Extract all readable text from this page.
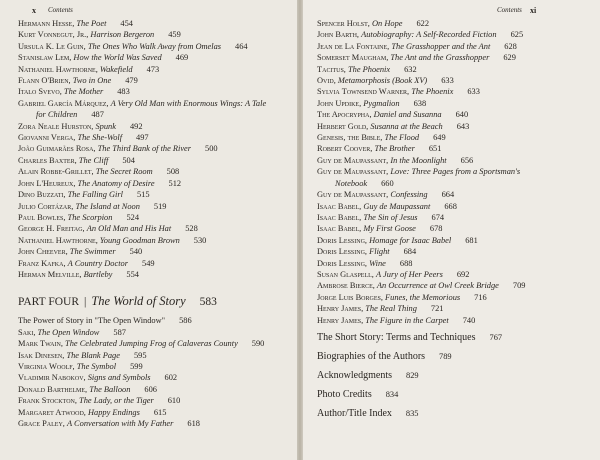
x Contents
Hermann Hesse, The Poet 454
Kurt Vonnegut, Jr., Harrison Bergeron 459
Ursula K. Le Guin, The Ones Who Walk Away from Omelas 464
Stanislaw Lem, How the World Was Saved 469
Nathaniel Hawthorne, Wakefield 473
Flann O'Brien, Two in One 479
Italo Svevo, The Mother 483
Gabriel García Márquez, A Very Old Man with Enormous Wings: A Tale
for Children 487
Zora Neale Hurston, Spunk 492
Giovanni Verga, The She-Wolf 497
João Guimarães Rosa, The Third Bank of the River 500
Charles Baxter, The Cliff 504
Alain Robbe-Grillet, The Secret Room 508
John L'Heureux, The Anatomy of Desire 512
Dino Buzzati, The Falling Girl 515
Julio Cortázar, The Island at Noon 519
Paul Bowles, The Scorpion 524
George H. Freitag, An Old Man and His Hat 528
Nathaniel Hawthorne, Young Goodman Brown 530
John Cheever, The Swimmer 540
Franz Kafka, A Country Doctor 549
Herman Melville, Bartleby 554
PART FOUR | The World of Story 583
The Power of Story in "The Open Window" 586
Saki, The Open Window 587
Mark Twain, The Celebrated Jumping Frog of Calaveras County 590
Isak Dinesen, The Blank Page 595
Virginia Woolf, The Symbol 599
Vladimir Nabokov, Signs and Symbols 602
Donald Barthelme, The Balloon 606
Frank Stockton, The Lady, or the Tiger 610
Margaret Atwood, Happy Endings 615
Grace Paley, A Conversation with My Father 618
Contents xi
Spencer Holst, On Hope 622
John Barth, Autobiography: A Self-Recorded Fiction 625
Jean de La Fontaine, The Grasshopper and the Ant 628
Somerset Maugham, The Ant and the Grasshopper 629
Tacitus, The Phoenix 632
Ovid, Metamorphosis (Book XV) 633
Sylvia Townsend Warner, The Phoenix 633
John Updike, Pygmalion 638
The Apocrypha, Daniel and Susanna 640
Herbert Gold, Susanna at the Beach 643
Genesis, the Bible, The Flood 649
Robert Coover, The Brother 651
Guy de Maupassant, In the Moonlight 656
Guy de Maupassant, Love: Three Pages from a Sportsman's
Notebook 660
Guy de Maupassant, Confessing 664
Isaac Babel, Guy de Maupassant 668
Isaac Babel, The Sin of Jesus 674
Isaac Babel, My First Goose 678
Doris Lessing, Homage for Isaac Babel 681
Doris Lessing, Flight 684
Doris Lessing, Wine 688
Susan Glaspell, A Jury of Her Peers 692
Ambrose Bierce, An Occurrence at Owl Creek Bridge 709
Jorge Luis Borges, Funes, the Memorious 716
Henry James, The Real Thing 721
Henry James, The Figure in the Carpet 740
The Short Story: Terms and Techniques 767
Biographies of the Authors 789
Acknowledgments 829
Photo Credits 834
Author/Title Index 835
